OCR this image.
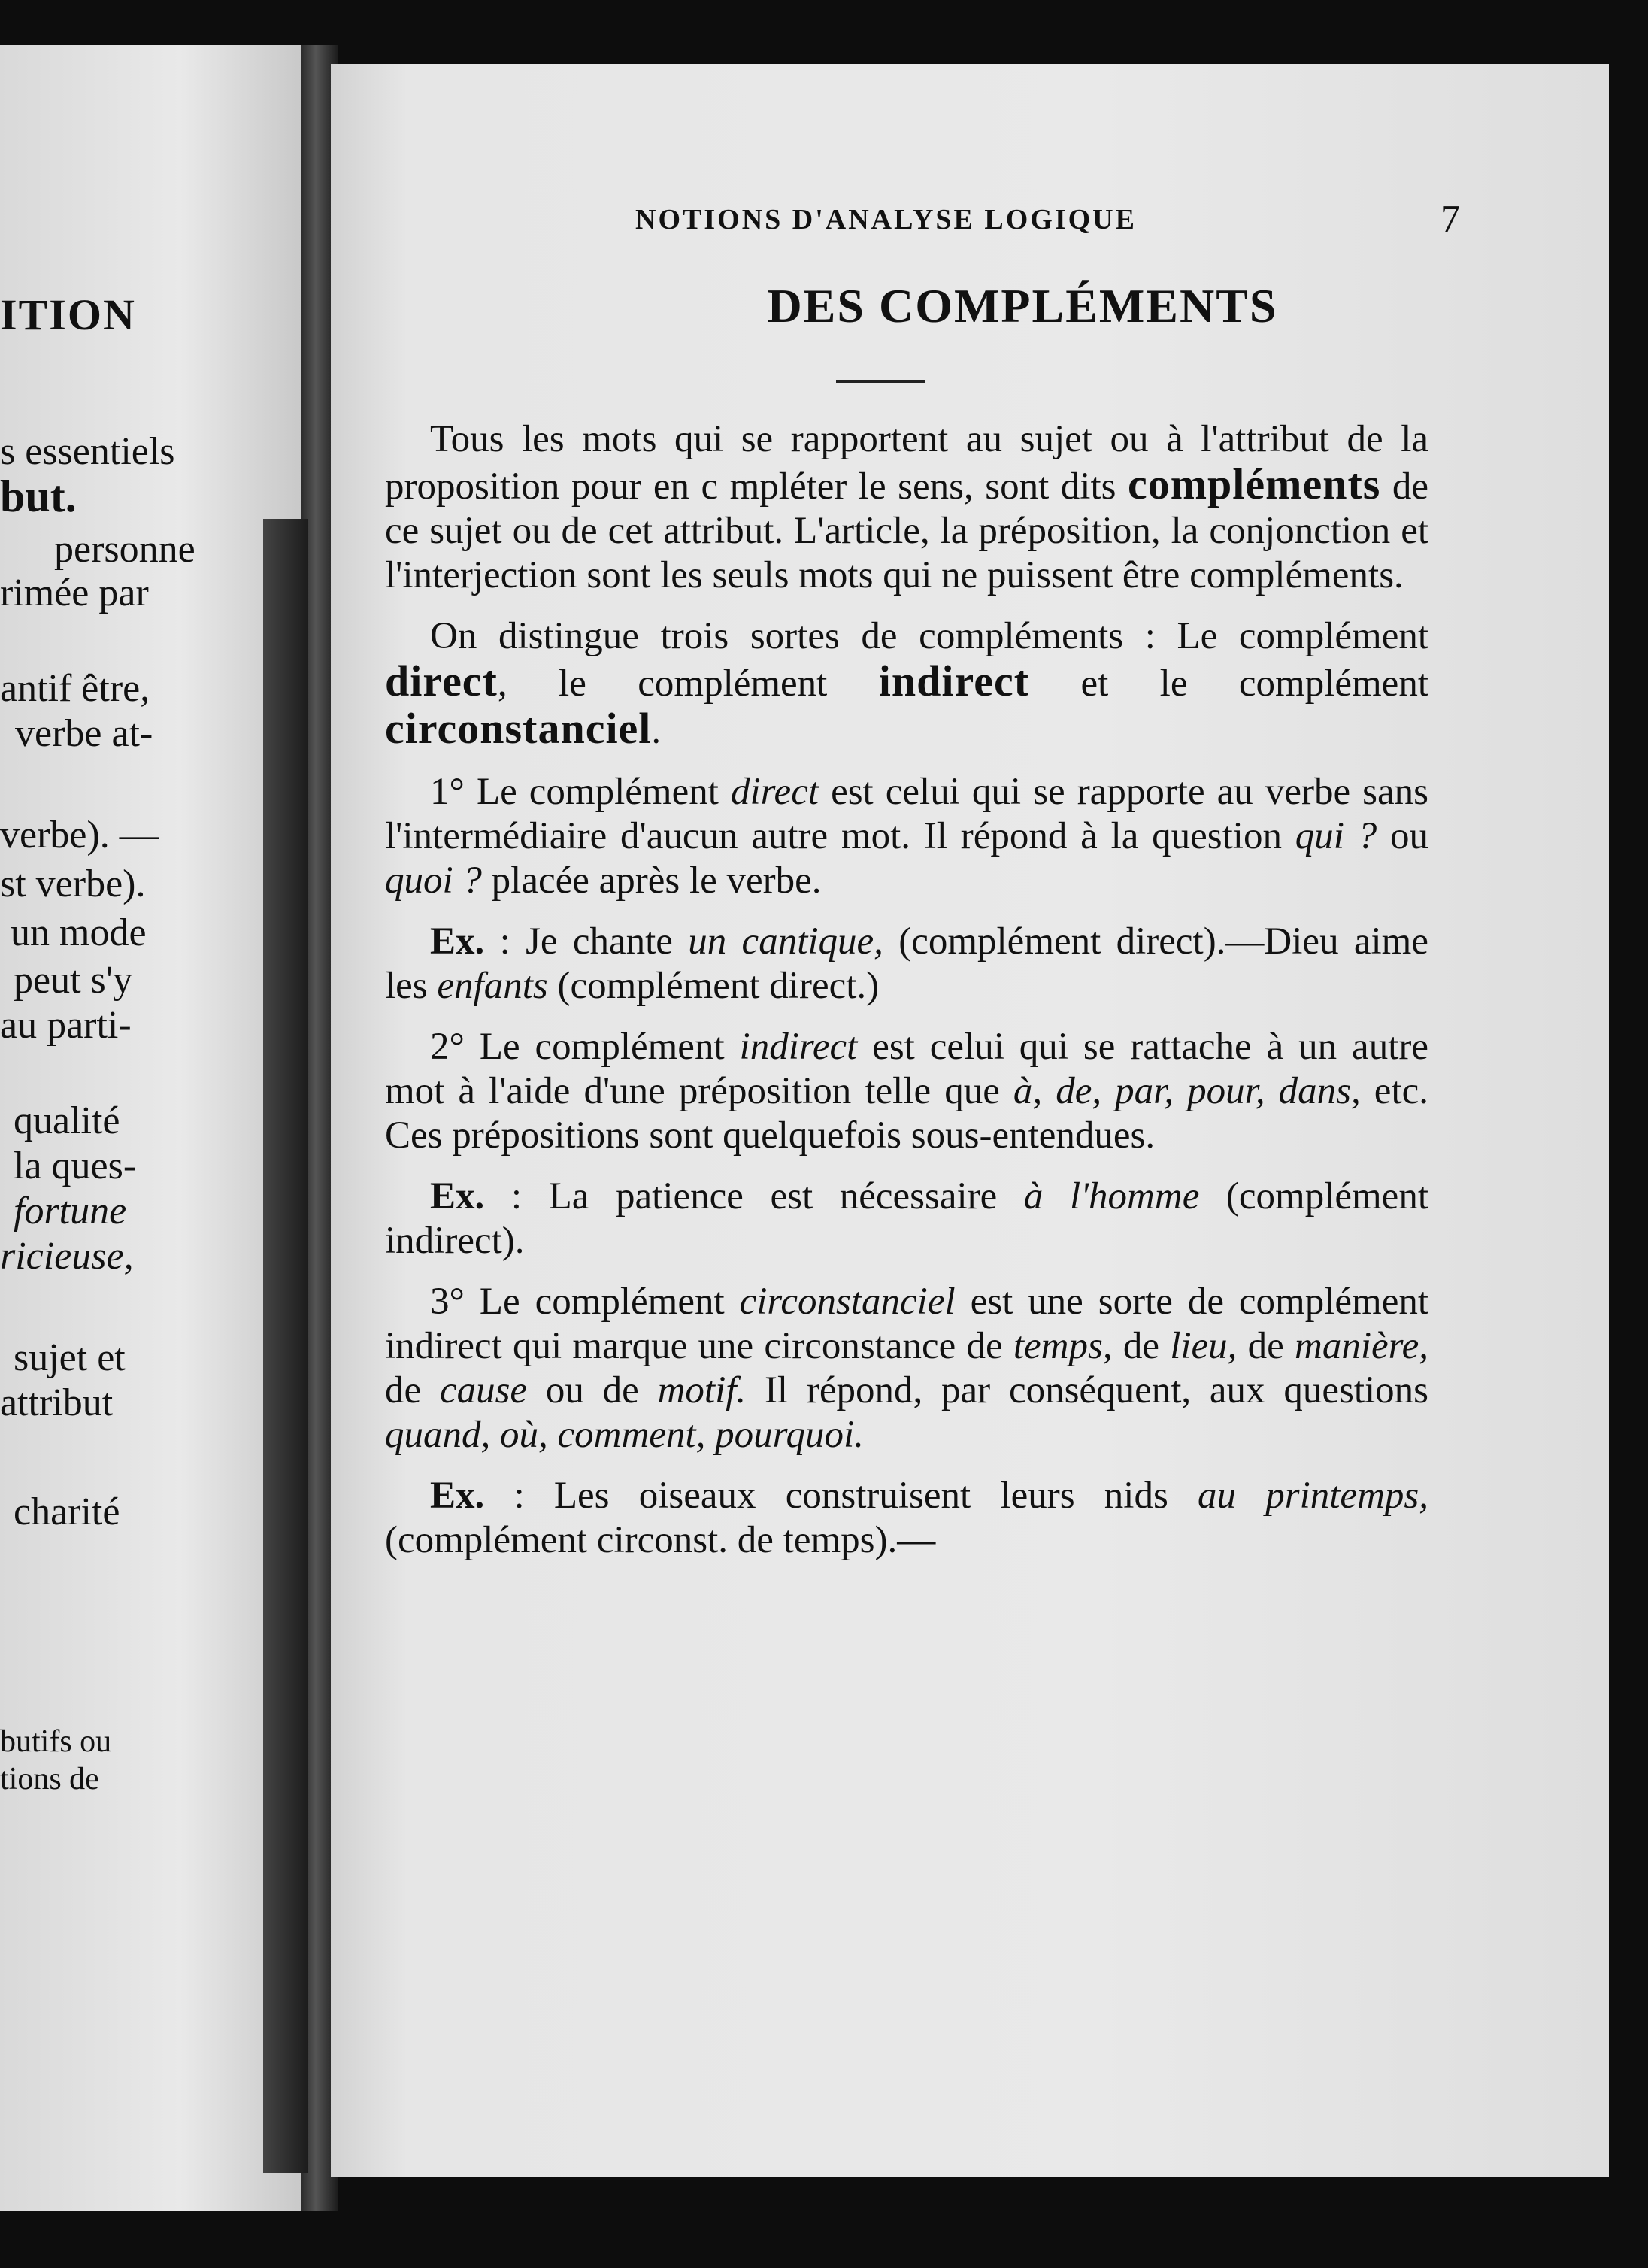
ITION
s essentiels
but.
personne
rimée par
antif être,
verbe at-
verbe). —
st verbe).
un mode
peut s'y
au parti-
qualité
la ques-
fortune
ricieuse,
sujet et
attribut
charité
butifs ou
tions de
NOTIONS D'ANALYSE LOGIQUE	7
DES COMPLÉMENTS

Tous les mots qui se rapportent au sujet ou à l'attribut de la proposition pour en c mpléter le sens, sont dits compléments de ce sujet ou de cet attribut. L'article, la préposition, la conjonction et l'interjection sont les seuls mots qui ne puissent être compléments.

On distingue trois sortes de compléments : Le complément direct, le complément indirect et le complément circonstanciel.

1° Le complément direct est celui qui se rapporte au verbe sans l'intermédiaire d'aucun autre mot. Il répond à la question qui ? ou quoi ? placée après le verbe.

Ex. : Je chante un cantique, (complément direct).—Dieu aime les enfants (complément direct.)

2° Le complément indirect est celui qui se rattache à un autre mot à l'aide d'une préposition telle que à, de, par, pour, dans, etc. Ces prépositions sont quelquefois sous-entendues.

Ex. : La patience est nécessaire à l'homme (complément indirect).

3° Le complément circonstanciel est une sorte de complément indirect qui marque une circonstance de temps, de lieu, de manière, de cause ou de motif. Il répond, par conséquent, aux questions quand, où, comment, pourquoi.

Ex. : Les oiseaux construisent leurs nids au printemps, (complément circonst. de temps).—
